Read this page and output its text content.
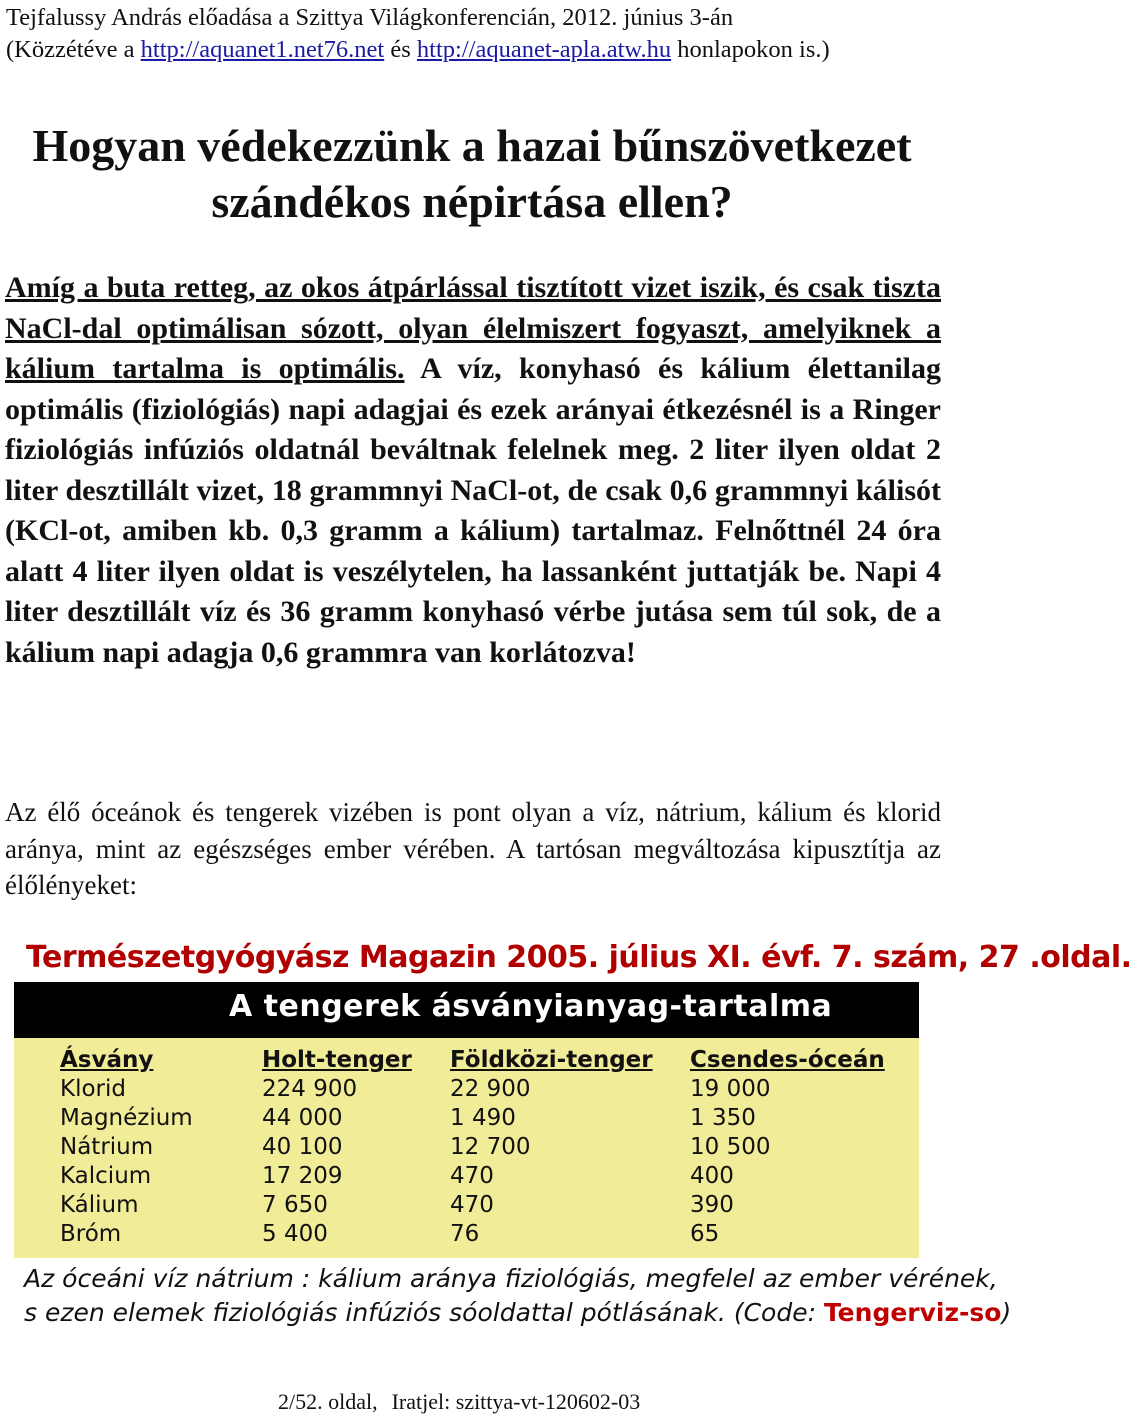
Tejfalussy András előadása a Szittya Világkonferencián, 2012. június 3-án
(Közzétéve a http://aquanet1.net76.net és http://aquanet-apla.atw.hu honlapokon is.)
Hogyan védekezzünk a hazai bűnszövetkezet
szándékos népirtása ellen?
Amíg a buta retteg, az okos átpárlással tisztított vizet iszik, és csak tiszta NaCl-dal optimálisan sózott, olyan élelmiszert fogyaszt, amelyiknek a kálium tartalma is optimális. A víz, konyhasó és kálium élettanilag optimális (fiziológiás) napi adagjai és ezek arányai étkezésnél is a Ringer fiziológiás infúziós oldatnál beváltnak felelnek meg. 2 liter ilyen oldat 2 liter desztillált vizet, 18 grammnyi NaCl-ot, de csak 0,6 grammnyi kálisót (KCl-ot, amiben kb. 0,3 gramm a kálium) tartalmaz. Felnőttnél 24 óra alatt 4 liter ilyen oldat is veszélytelen, ha lassanként juttatják be. Napi 4 liter desztillált víz és 36 gramm konyhasó vérbe jutása sem túl sok, de a kálium napi adagja 0,6 grammra van korlátozva!
Az élő óceánok és tengerek vizében is pont olyan a víz, nátrium, kálium és klorid aránya, mint az egészséges ember vérében. A tartósan megváltozása kipusztítja az élőlényeket:
Természetgyógyász Magazin 2005. július XI. évf. 7. szám, 27 .oldal.
A tengerek ásványianyag-tartalma
Ásvány	Holt-tenger Földközi-tenger Csendes-óceán
Klorid	224 900	22 900	19 000
Magnézium	44 000	1 490	1 350
Nátrium	40 100	12 700	10 500
Kalcium	17 209	470	400
Kálium	7 650	470	390
Bróm	5 400	76	65
Az óceáni víz nátrium : kálium aránya fiziológiás, megfelel az ember vérének,
s ezen elemek fiziológiás infúziós sóoldattal pótlásának. (Code: Tengerviz-so)
2/52. oldal, Iratjel: szittya-vt-120602-03
